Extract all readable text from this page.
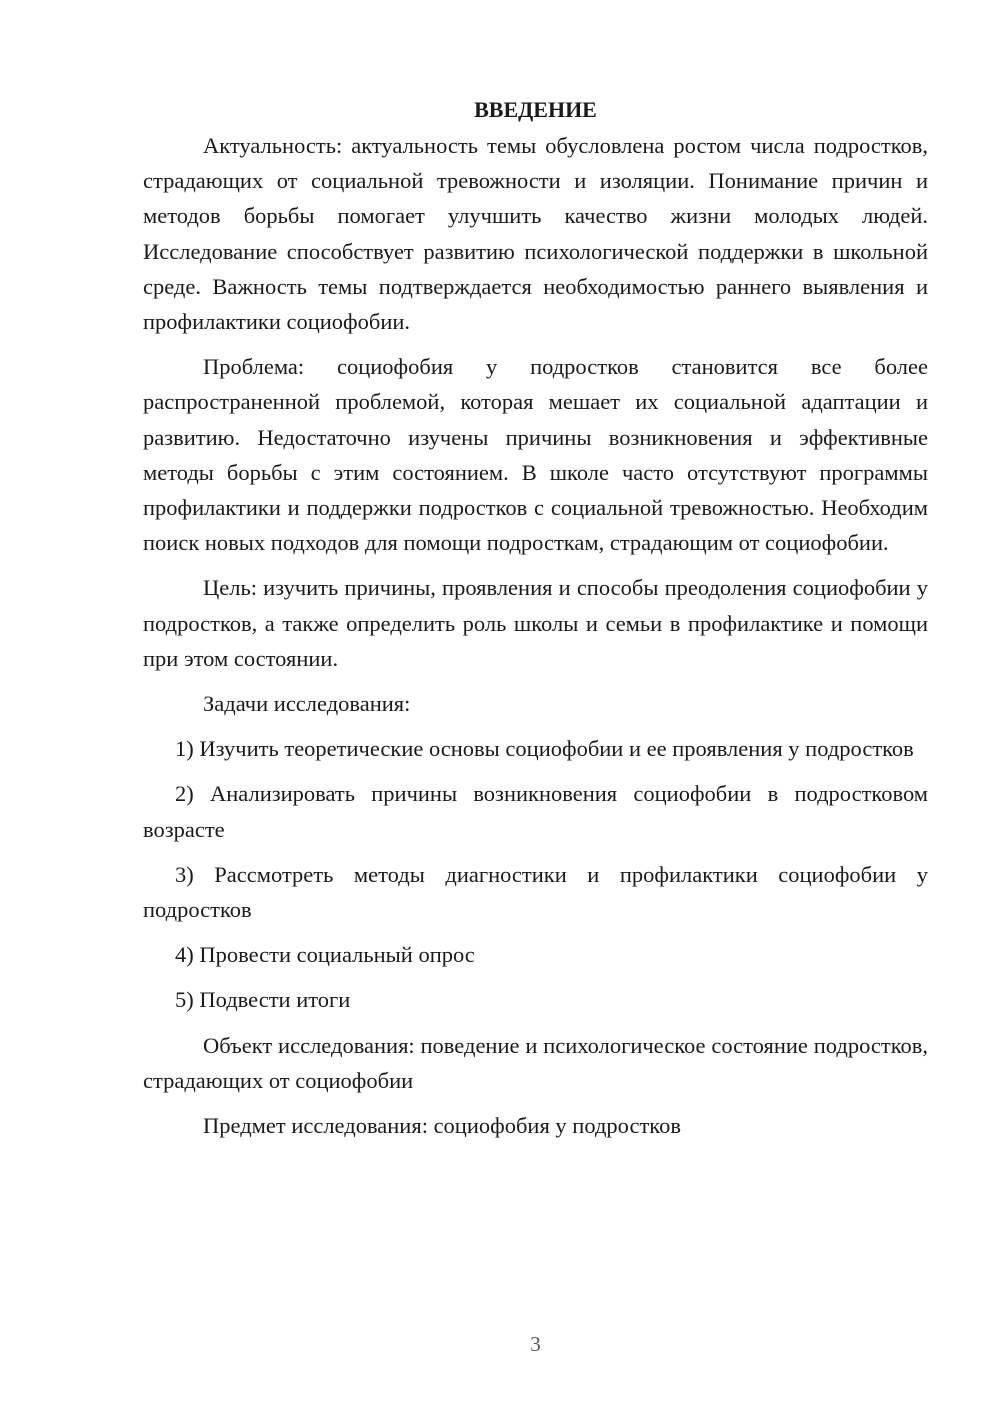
ВВЕДЕНИЕ

Актуальность: актуальность темы обусловлена ростом числа подростков, страдающих от социальной тревожности и изоляции. Понимание причин и методов борьбы помогает улучшить качество жизни молодых людей. Исследование способствует развитию психологической поддержки в школьной среде. Важность темы подтверждается необходимостью раннего выявления и профилактики социофобии.

Проблема: социофобия у подростков становится все более распространенной проблемой, которая мешает их социальной адаптации и развитию. Недостаточно изучены причины возникновения и эффективные методы борьбы с этим состоянием. В школе часто отсутствуют программы профилактики и поддержки подростков с социальной тревожностью. Необходим поиск новых подходов для помощи подросткам, страдающим от социофобии.

Цель: изучить причины, проявления и способы преодоления социофобии у подростков, а также определить роль школы и семьи в профилактике и помощи при этом состоянии.

Задачи исследования:

1) Изучить теоретические основы социофобии и ее проявления у подростков

2) Анализировать причины возникновения социофобии в подростковом возрасте

3) Рассмотреть методы диагностики и профилактики социофобии у подростков

4) Провести социальный опрос

5) Подвести итоги

Объект исследования: поведение и психологическое состояние подростков, страдающих от социофобии

Предмет исследования: социофобия у подростков

3
